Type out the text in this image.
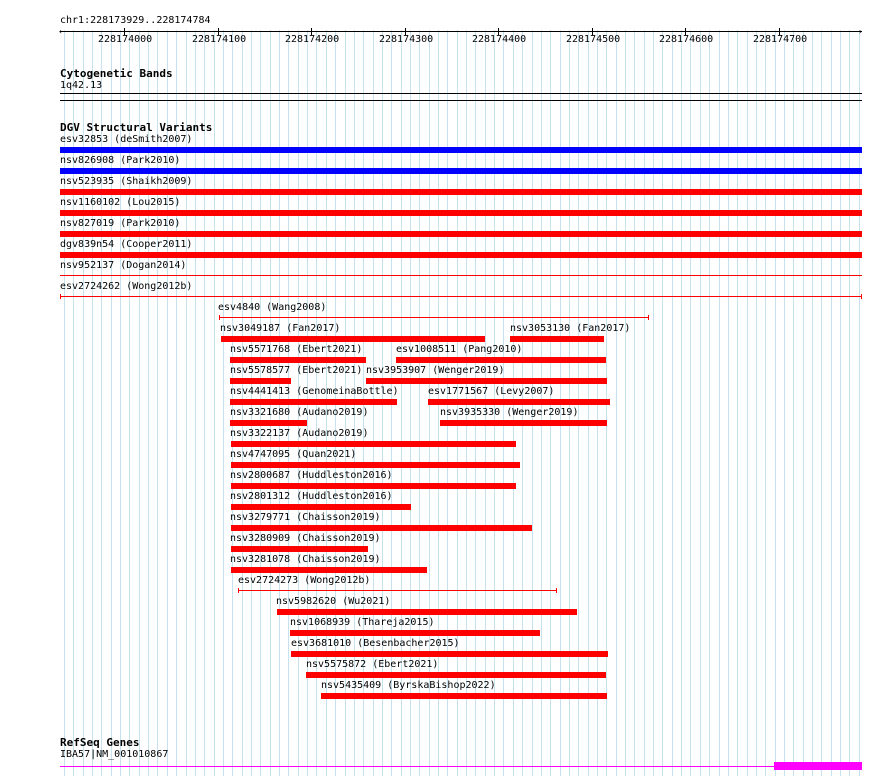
chr1:228173929..228174784
‹	›
228174000	228174100	228174200	228174300	228174400	228174500	228174600	228174700
Cytogenetic Bands
1q42.13
DGV Structural Variants
esv32853 (deSmith2007)
nsv826908 (Park2010)
nsv523935 (Shaikh2009)
nsv1160102 (Lou2015)
nsv827019 (Park2010)
dgv839n54 (Cooper2011)
nsv952137 (Dogan2014)
esv2724262 (Wong2012b)
esv4840 (Wang2008)
nsv3049187 (Fan2017)	nsv3053130 (Fan2017)
nsv5571768 (Ebert2021)	esv1008511 (Pang2010)
nsv5578577 (Ebert2021) nsv3953907 (Wenger2019)
nsv4441413 (GenomeinaBottle)	esv1771567 (Levy2007)
nsv3321680 (Audano2019)	nsv3935330 (Wenger2019)
nsv3322137 (Audano2019)
nsv4747095 (Quan2021)
nsv2800687 (Huddleston2016)
nsv2801312 (Huddleston2016)
nsv3279771 (Chaisson2019)
nsv3280909 (Chaisson2019)
nsv3281078 (Chaisson2019)
esv2724273 (Wong2012b)
nsv5982620 (Wu2021)
nsv1068939 (Thareja2015)
esv3681010 (Besenbacher2015)
nsv5575872 (Ebert2021)
nsv5435409 (ByrskaBishop2022)
RefSeq Genes
IBA57|NM_001010867
